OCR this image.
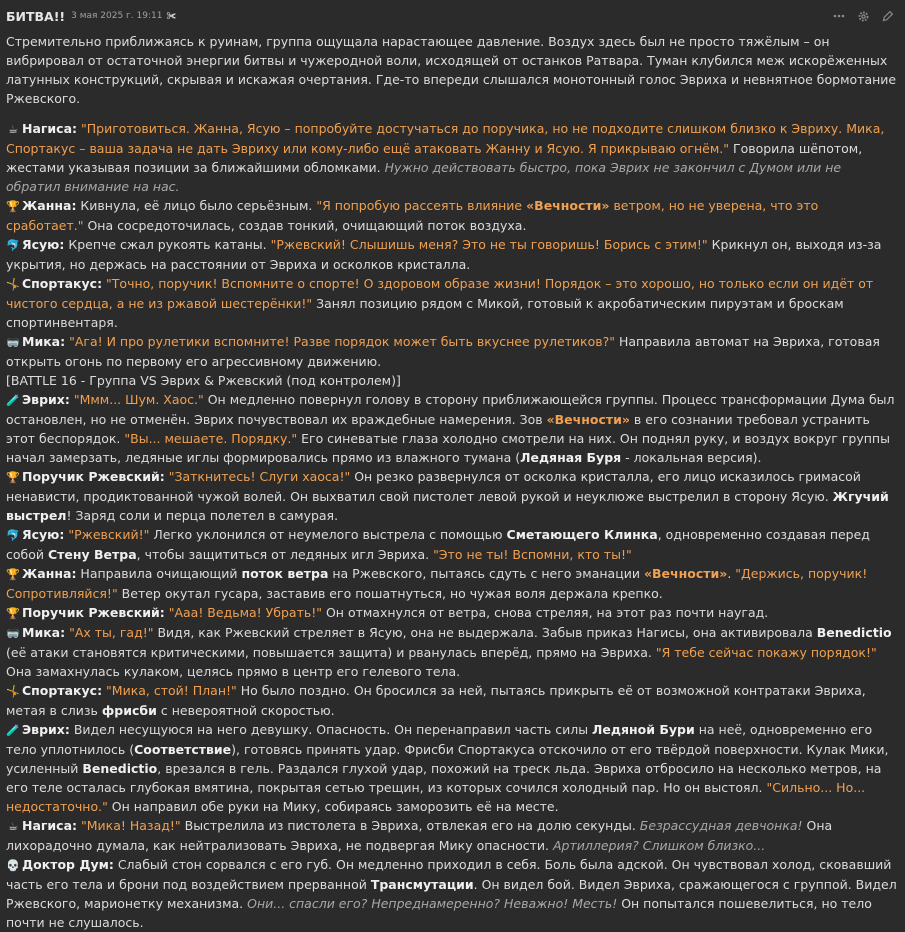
БИТВА!! 3 мая 2025 г. 19:11 ✀

Стремительно приближаясь к руинам, группа ощущала нарастающее давление. Воздух здесь был не просто тяжёлым – он вибрировал от остаточной энергии битвы и чужеродной воли, исходящей от останков Ратвара. Туман клубился меж искорёженных латунных конструкций, скрывая и искажая очертания. Где-то впереди слышался монотонный голос Эвриха и невнятное бормотание Ржевского.

☕ Нагиса: "Приготовиться. Жанна, Ясую – попробуйте достучаться до поручика, но не подходите слишком близко к Эвриху. Мика, Спортакус – ваша задача не дать Эвриху или кому-либо ещё атаковать Жанну и Ясую. Я прикрываю огнём." Говорила шёпотом, жестами указывая позиции за ближайшими обломками. Нужно действовать быстро, пока Эврих не закончил с Думом или не обратил внимание на нас.

🏆 Жанна: Кивнула, её лицо было серьёзным. "Я попробую рассеять влияние «Вечности» ветром, но не уверена, что это сработает." Она сосредоточилась, создав тонкий, очищающий поток воздуха.

🐬 Ясую: Крепче сжал рукоять катаны. "Ржевский! Слышишь меня? Это не ты говоришь! Борись с этим!" Крикнул он, выходя из-за укрытия, но держась на расстоянии от Эвриха и осколков кристалла.

🤸 Спортакус: "Точно, поручик! Вспомните о спорте! О здоровом образе жизни! Порядок – это хорошо, но только если он идёт от чистого сердца, а не из ржавой шестерёнки!" Занял позицию рядом с Микой, готовый к акробатическим пируэтам и броскам спортинвентаря.

🥽 Мика: "Ага! И про рулетики вспомните! Разве порядок может быть вкуснее рулетиков?" Направила автомат на Эвриха, готовая открыть огонь по первому его агрессивному движению.

[BATTLE 16 - Группа VS Эврих & Ржевский (под контролем)]

🧪 Эврих: "Ммм... Шум. Хаос." Он медленно повернул голову в сторону приближающейся группы. Процесс трансформации Дума был остановлен, но не отменён. Эврих почувствовал их враждебные намерения. Зов «Вечности» в его сознании требовал устранить этот беспорядок. "Вы... мешаете. Порядку." Его синеватые глаза холодно смотрели на них. Он поднял руку, и воздух вокруг группы начал замерзать, ледяные иглы формировались прямо из влажного тумана (Ледяная Буря - локальная версия).

🏆 Поручик Ржевский: "Заткнитесь! Слуги хаоса!" Он резко развернулся от осколка кристалла, его лицо исказилось гримасой ненависти, продиктованной чужой волей. Он выхватил свой пистолет левой рукой и неуклюже выстрелил в сторону Ясую. Жгучий выстрел! Заряд соли и перца полетел в самурая.

🐬 Ясую: "Ржевский!" Легко уклонился от неумелого выстрела с помощью Сметающего Клинка, одновременно создавая перед собой Стену Ветра, чтобы защититься от ледяных игл Эвриха. "Это не ты! Вспомни, кто ты!"

🏆 Жанна: Направила очищающий поток ветра на Ржевского, пытаясь сдуть с него эманации «Вечности». "Держись, поручик! Сопротивляйся!" Ветер окутал гусара, заставив его пошатнуться, но чужая воля держала крепко.

🏆 Поручик Ржевский: "Ааа! Ведьма! Убрать!" Он отмахнулся от ветра, снова стреляя, на этот раз почти наугад.

🥽 Мика: "Ах ты, гад!" Видя, как Ржевский стреляет в Ясую, она не выдержала. Забыв приказ Нагисы, она активировала Benedictio (её атаки становятся критическими, повышается защита) и рванулась вперёд, прямо на Эвриха. "Я тебе сейчас покажу порядок!" Она замахнулась кулаком, целясь прямо в центр его гелевого тела.

🤸 Спортакус: "Мика, стой! План!" Но было поздно. Он бросился за ней, пытаясь прикрыть её от возможной контратаки Эвриха, метая в слизь фрисби с невероятной скоростью.

🧪 Эврих: Видел несущуюся на него девушку. Опасность. Он перенаправил часть силы Ледяной Бури на неё, одновременно его тело уплотнилось (Соответствие), готовясь принять удар. Фрисби Спортакуса отскочило от его твёрдой поверхности. Кулак Мики, усиленный Benedictio, врезался в гель. Раздался глухой удар, похожий на треск льда. Эвриха отбросило на несколько метров, на его теле осталась глубокая вмятина, покрытая сетью трещин, из которых сочился холодный пар. Но он выстоял. "Сильно... Но... недостаточно." Он направил обе руки на Мику, собираясь заморозить её на месте.

☕ Нагиса: "Мика! Назад!" Выстрелила из пистолета в Эвриха, отвлекая его на долю секунды. Безрассудная девчонка! Она лихорадочно думала, как нейтрализовать Эвриха, не подвергая Мику опасности. Артиллерия? Слишком близко...

💀 Доктор Дум: Слабый стон сорвался с его губ. Он медленно приходил в себя. Боль была адской. Он чувствовал холод, сковавший часть его тела и брони под воздействием прерванной Трансмутации. Он видел бой. Видел Эвриха, сражающегося с группой. Видел Ржевского, марионетку механизма. Они... спасли его? Непреднамеренно? Неважно! Месть! Он попытался пошевелиться, но тело почти не слушалось.
